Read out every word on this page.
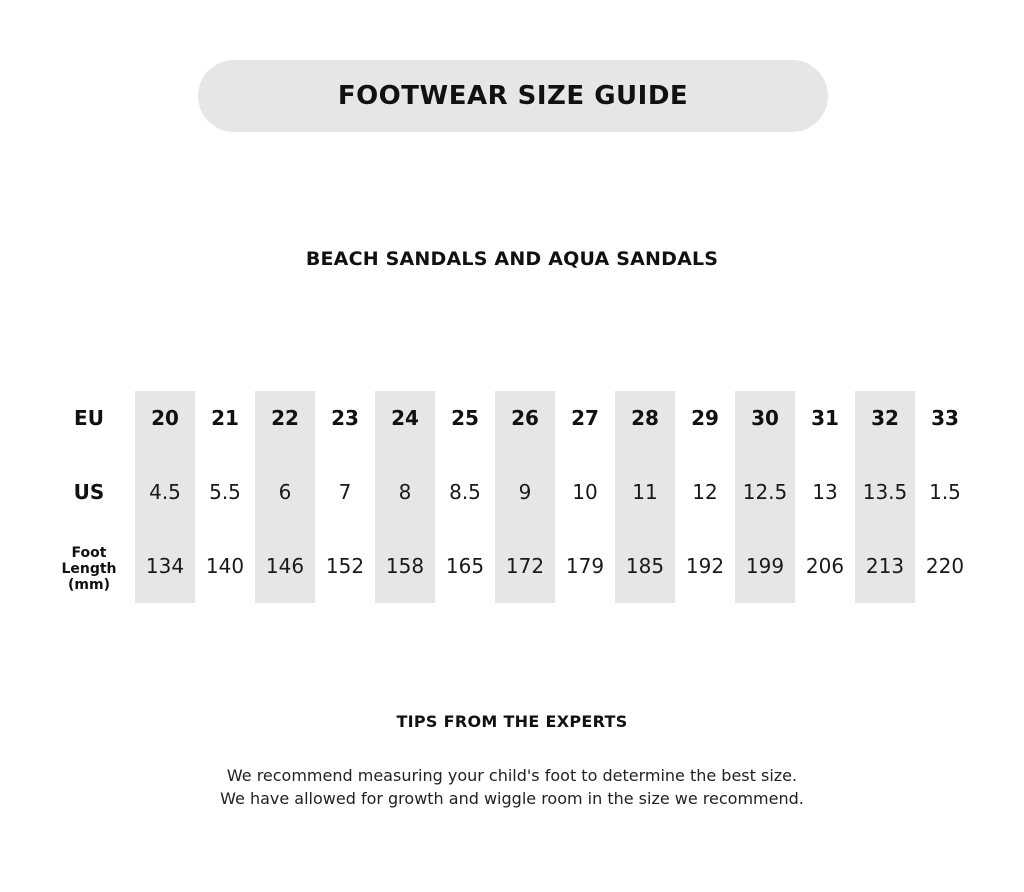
FOOTWEAR SIZE GUIDE
BEACH SANDALS AND AQUA SANDALS
EU
US
Foot
Length
(mm)
20
4.5
134
21
5.5
140
22
6
146
23
7
152
24
8
158
25
8.5
165
26
9
172
27
10
179
28
11
185
29
12
192
30
12.5
199
31
13
206
32
13.5
213
33
1.5
220
TIPS FROM THE EXPERTS
We recommend measuring your child's foot to determine the best size.
We have allowed for growth and wiggle room in the size we recommend.
